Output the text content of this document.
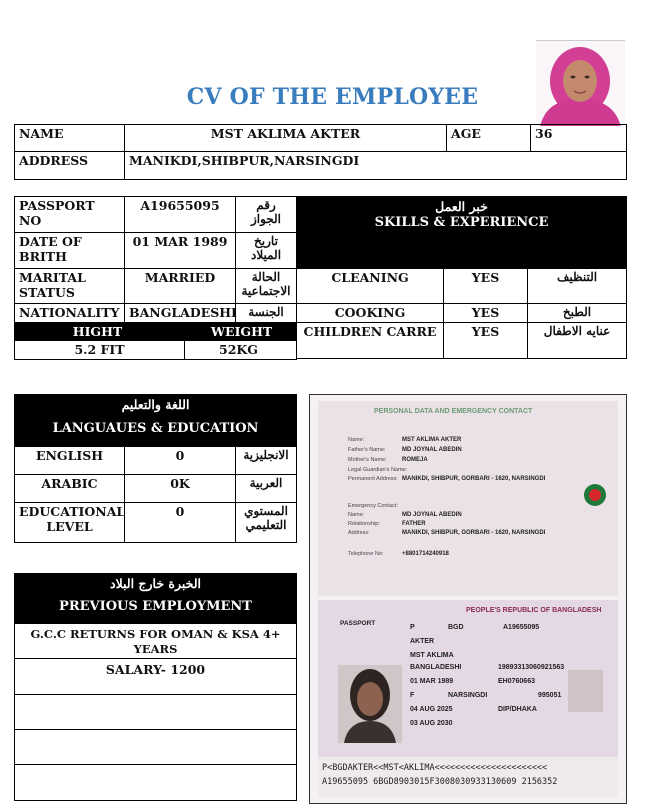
CV OF THE EMPLOYEE
NAME	MST AKLIMA AKTER	AGE	36
ADDRESS	MANIKDI,SHIBPUR,NARSINGDI		
PASSPORT NO	A19655095	رقم الجواز
DATE OF BRITH	01 MAR 1989	تاريخ الميلاد
MARITAL STATUS	MARRIED	الحالة الاجتماعية
NATIONALITY	BANGLADESHI	الجنسة
HIGHT	WEIGHT
5.2 FIT	52KG
خبر العمل
SKILLS & EXPERIENCE		

CLEANING	YES	التنظيف
COOKING	YES	الطبخ
CHILDREN CARRE	YES	عنايه الاطفال
اللغة والتعليم
LANGUAUES & EDUCATION		

ENGLISH	0	الانجليزية
ARABIC	0K	العربية
EDUCATIONAL LEVEL	0	المستوي التعليمي
الخبرة خارج البلاد
PREVIOUS EMPLOYMENT

G.C.C RETURNS FOR OMAN & KSA 4+ YEARS
SALARY- 1200

PERSONAL DATA AND EMERGENCY CONTACT
Name:	MST AKLIMA AKTER
Father's Name:	MD JOYNAL ABEDIN
Mother's Name:	ROMEJA
Legal Guardian's Name:
Permanent Address: MANIKDI, SHIBPUR, GORBARI - 1620, NARSINGDI
Emergency Contact:
Name:	MD JOYNAL ABEDIN
Relationship:	FATHER
Address:	MANIKDI, SHIBPUR, GORBARI - 1620, NARSINGDI
Telephone No:	+8801714240918
PEOPLE'S REPUBLIC OF BANGLADESH
PASSPORT
P	BGD	A19655095
AKTER
MST AKLIMA
BANGLADESHI	19893313060921563
01 MAR 1989	EH0760663
F	NARSINGDI	995051
04 AUG 2025	DIP/DHAKA
03 AUG 2030
P<BGDAKTER<<MST<AKLIMA<<<<<<<<<<<<<<<<<<<<<<
A19655095 6BGD8903015F3008030933130609 2156352
